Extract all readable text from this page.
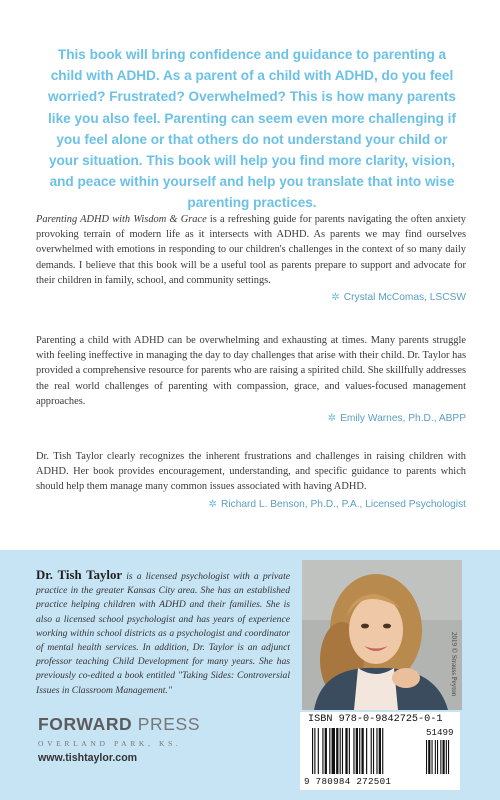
This book will bring confidence and guidance to parenting a child with ADHD. As a parent of a child with ADHD, do you feel worried? Frustrated? Overwhelmed? This is how many parents like you also feel. Parenting can seem even more challenging if you feel alone or that others do not understand your child or your situation. This book will help you find more clarity, vision, and peace within yourself and help you translate that into wise parenting practices.

Parenting ADHD with Wisdom & Grace is a refreshing guide for parents navigating the often anxiety provoking terrain of modern life as it intersects with ADHD. As parents we may find ourselves overwhelmed with emotions in responding to our children's challenges in the context of so many daily demands. I believe that this book will be a useful tool as parents prepare to support and advocate for their children in family, school, and community settings.

✲ Crystal McComas, LSCSW

Parenting a child with ADHD can be overwhelming and exhausting at times. Many parents struggle with feeling ineffective in managing the day to day challenges that arise with their child. Dr. Taylor has provided a comprehensive resource for parents who are raising a spirited child. She skillfully addresses the real world challenges of parenting with compassion, grace, and values-focused management approaches.

✲ Emily Warnes, Ph.D., ABPP

Dr. Tish Taylor clearly recognizes the inherent frustrations and challenges in raising children with ADHD. Her book provides encouragement, understanding, and specific guidance to parents which should help them manage many common issues associated with having ADHD.

✲ Richard L. Benson, Ph.D., P.A., Licensed Psychologist

Dr. Tish Taylor is a licensed psychologist with a private practice in the greater Kansas City area. She has an established practice helping children with ADHD and their families. She is also a licensed school psychologist and has years of experience working within school districts as a psychologist and coordinator of mental health services. In addition, Dr. Taylor is an adjunct professor teaching Child Development for many years. She has previously co-edited a book entitled "Taking Sides: Controversial Issues in Classroom Management."	2019 © Strauss Peyton
ISBN 978-0-9842725-0-1
51499
9 780984 272501
FORWARD PRESS
OVERLAND PARK, KS.
www.tishtaylor.com
